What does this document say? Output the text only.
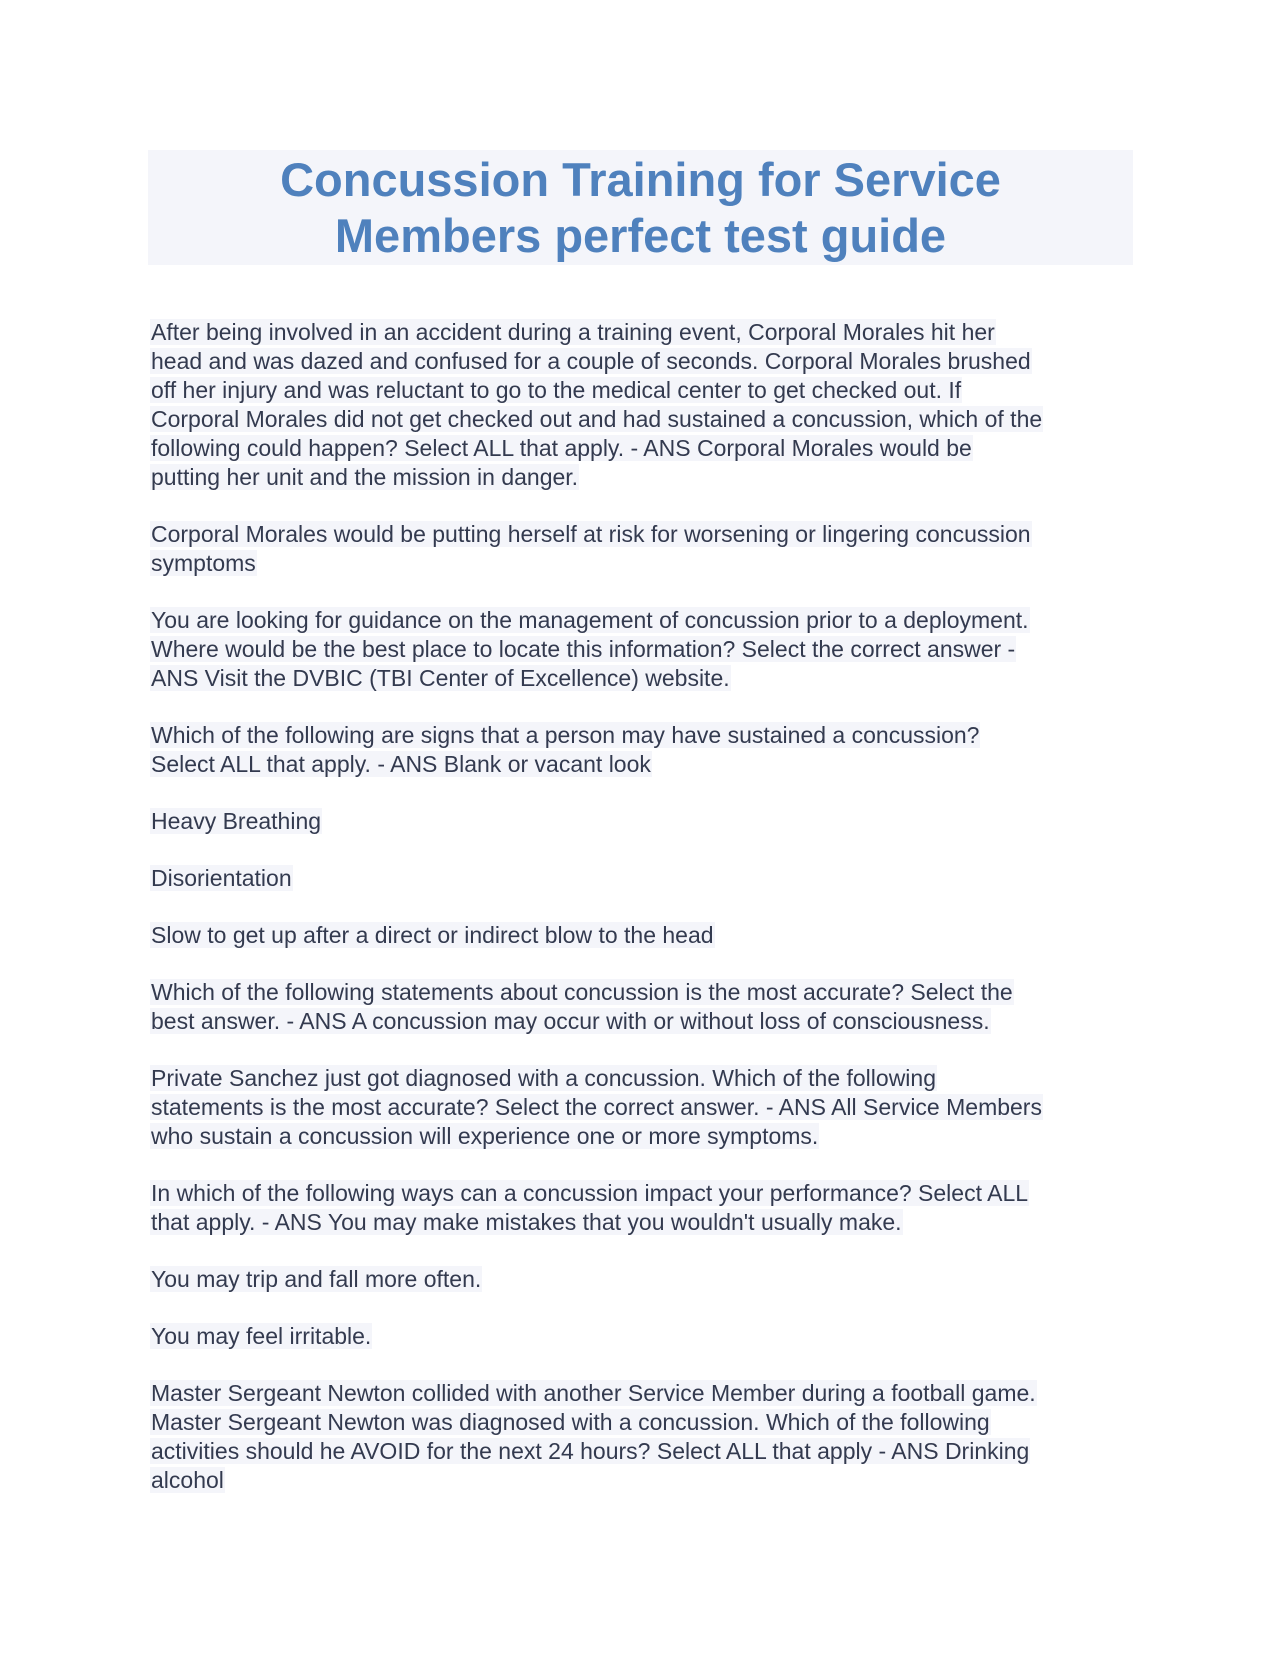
Concussion Training for Service
Members perfect test guide
After being involved in an accident during a training event, Corporal Morales hit her
head and was dazed and confused for a couple of seconds. Corporal Morales brushed
off her injury and was reluctant to go to the medical center to get checked out. If
Corporal Morales did not get checked out and had sustained a concussion, which of the
following could happen? Select ALL that apply. - ANS Corporal Morales would be
putting her unit and the mission in danger.
Corporal Morales would be putting herself at risk for worsening or lingering concussion
symptoms
You are looking for guidance on the management of concussion prior to a deployment.
Where would be the best place to locate this information? Select the correct answer -
ANS Visit the DVBIC (TBI Center of Excellence) website.
Which of the following are signs that a person may have sustained a concussion?
Select ALL that apply. - ANS Blank or vacant look
Heavy Breathing
Disorientation
Slow to get up after a direct or indirect blow to the head
Which of the following statements about concussion is the most accurate? Select the
best answer. - ANS A concussion may occur with or without loss of consciousness.
Private Sanchez just got diagnosed with a concussion. Which of the following
statements is the most accurate? Select the correct answer. - ANS All Service Members
who sustain a concussion will experience one or more symptoms.
In which of the following ways can a concussion impact your performance? Select ALL
that apply. - ANS You may make mistakes that you wouldn't usually make.
You may trip and fall more often.
You may feel irritable.
Master Sergeant Newton collided with another Service Member during a football game.
Master Sergeant Newton was diagnosed with a concussion. Which of the following
activities should he AVOID for the next 24 hours? Select ALL that apply - ANS Drinking
alcohol
